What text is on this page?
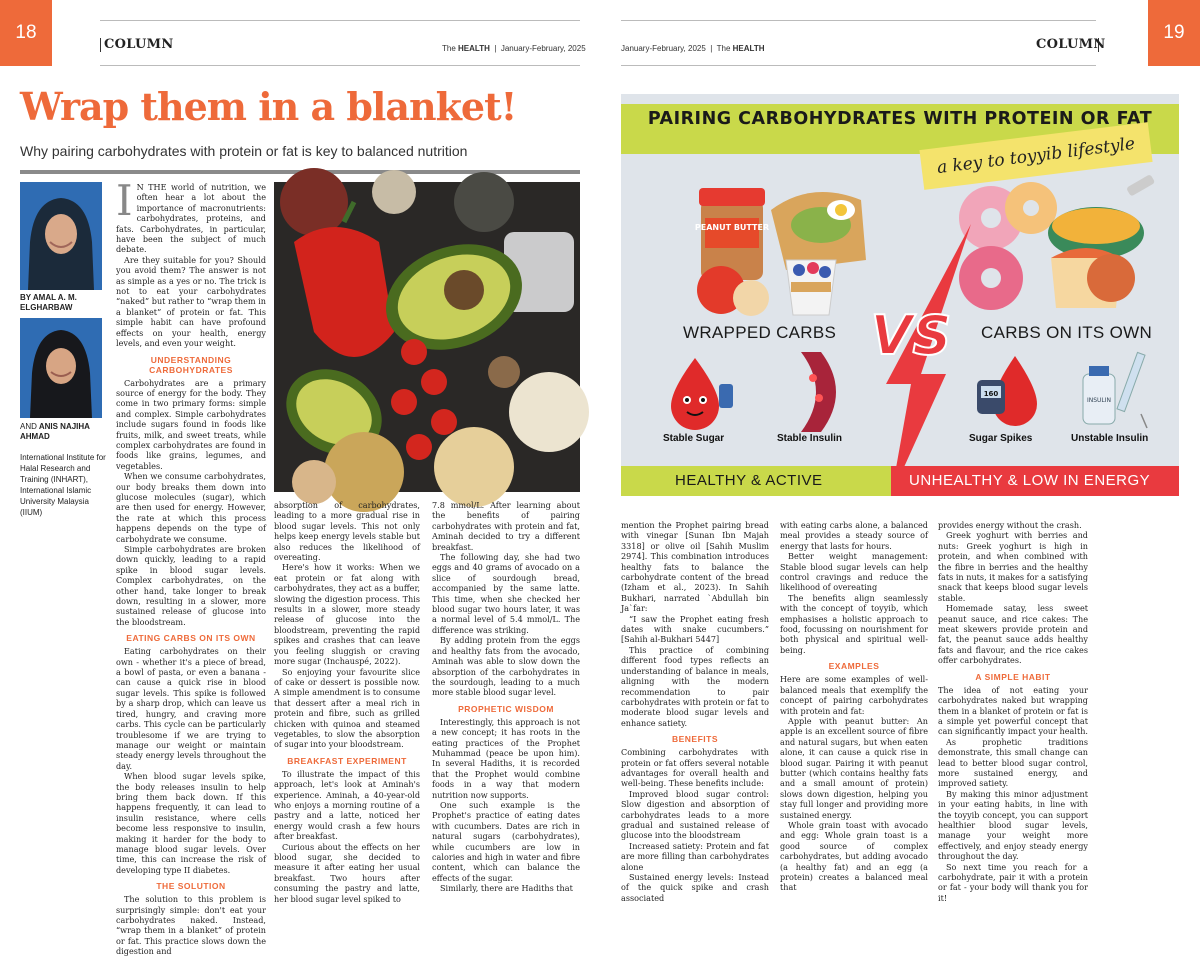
18	19
COLUMN	COLUMN
The HEALTH  |  January-February, 2025	January-February, 2025  |  The HEALTH
Wrap them in a blanket!
Why pairing carbohydrates with protein or fat is key to balanced nutrition
BY AMAL A. M. ELGHARBAW
AND ANIS NAJIHA AHMAD
International Institute for Halal Research and Training (INHART), International Islamic University Malaysia (IIUM)
I N THE world of nutrition, we often hear a lot about the importance of macronutrients: carbohydrates, proteins, and fats. Carbohydrates, in particular, have been the subject of much debate.

Are they suitable for you? Should you avoid them? The answer is not as simple as a yes or no. The trick is not to eat your carbohydrates “naked” but rather to “wrap them in a blanket” of protein or fat. This simple habit can have profound effects on your health, energy levels, and even your weight.

UNDERSTANDING CARBOHYDRATES

Carbohydrates are a primary source of energy for the body. They come in two primary forms: simple and complex. Simple carbohydrates include sugars found in foods like fruits, milk, and sweet treats, while complex carbohydrates are found in foods like grains, legumes, and vegetables.

When we consume carbohydrates, our body breaks them down into glucose molecules (sugar), which are then used for energy. However, the rate at which this process happens depends on the type of carbohydrate we consume.

Simple carbohydrates are broken down quickly, leading to a rapid spike in blood sugar levels. Complex carbohydrates, on the other hand, take longer to break down, resulting in a slower, more sustained release of glucose into the bloodstream.

EATING CARBS ON ITS OWN

Eating carbohydrates on their own - whether it's a piece of bread, a bowl of pasta, or even a banana - can cause a quick rise in blood sugar levels. This spike is followed by a sharp drop, which can leave us tired, hungry, and craving more carbs. This cycle can be particularly troublesome if we are trying to manage our weight or maintain steady energy levels throughout the day.

When blood sugar levels spike, the body releases insulin to help bring them back down. If this happens frequently, it can lead to insulin resistance, where cells become less responsive to insulin, making it harder for the body to manage blood sugar levels. Over time, this can increase the risk of developing type II diabetes.

THE SOLUTION

The solution to this problem is surprisingly simple: don't eat your carbohydrates naked. Instead, “wrap them in a blanket” of protein or fat. This practice slows down the digestion and

absorption of carbohydrates, leading to a more gradual rise in blood sugar levels. This not only helps keep energy levels stable but also reduces the likelihood of overeating.

Here's how it works: When we eat protein or fat along with carbohydrates, they act as a buffer, slowing the digestion process. This results in a slower, more steady release of glucose into the bloodstream, preventing the rapid spikes and crashes that can leave you feeling sluggish or craving more sugar (Inchauspé, 2022).

So enjoying your favourite slice of cake or dessert is possible now. A simple amendment is to consume that dessert after a meal rich in protein and fibre, such as grilled chicken with quinoa and steamed vegetables, to slow the absorption of sugar into your bloodstream.

BREAKFAST EXPERIMENT

To illustrate the impact of this approach, let's look at Aminah's experience. Aminah, a 40-year-old who enjoys a morning routine of a pastry and a latte, noticed her energy would crash a few hours after breakfast.

Curious about the effects on her blood sugar, she decided to measure it after eating her usual breakfast. Two hours after consuming the pastry and latte, her blood sugar level spiked to

7.8 mmol/L. After learning about the benefits of pairing carbohydrates with protein and fat, Aminah decided to try a different breakfast.

The following day, she had two eggs and 40 grams of avocado on a slice of sourdough bread, accompanied by the same latte. This time, when she checked her blood sugar two hours later, it was a normal level of 5.4 mmol/L. The difference was striking.

By adding protein from the eggs and healthy fats from the avocado, Aminah was able to slow down the absorption of the carbohydrates in the sourdough, leading to a much more stable blood sugar level.

PROPHETIC WISDOM

Interestingly, this approach is not a new concept; it has roots in the eating practices of the Prophet Muhammad (peace be upon him). In several Hadiths, it is recorded that the Prophet would combine foods in a way that modern nutrition now supports.

One such example is the Prophet's practice of eating dates with cucumbers. Dates are rich in natural sugars (carbohydrates), while cucumbers are low in calories and high in water and fibre content, which can balance the effects of the sugar.

Similarly, there are Hadiths that

PAIRING CARBOHYDRATES WITH PROTEIN OR FAT
a key to toyyib lifestyle
PEANUT BUTTER
VS
WRAPPED CARBS	CARBS ON ITS OWN
160
INSULIN
Stable Sugar	Stable Insulin	Sugar Spikes	Unstable Insulin
HEALTHY & ACTIVE	UNHEALTHY & LOW IN ENERGY

mention the Prophet pairing bread with vinegar [Sunan Ibn Majah 3318] or olive oil [Sahih Muslim 2974]. This combination introduces healthy fats to balance the carbohydrate content of the bread (Izham et al., 2023). In Sahih Bukhari, narrated `Abdullah bin Ja`far:

“I saw the Prophet eating fresh dates with snake cucumbers.” [Sahih al-Bukhari 5447]

This practice of combining different food types reflects an understanding of balance in meals, aligning with the modern recommendation to pair carbohydrates with protein or fat to moderate blood sugar levels and enhance satiety.

BENEFITS

Combining carbohydrates with protein or fat offers several notable advantages for overall health and well-being. These benefits include:

Improved blood sugar control: Slow digestion and absorption of carbohydrates leads to a more gradual and sustained release of glucose into the bloodstream

Increased satiety: Protein and fat are more filling than carbohydrates alone

Sustained energy levels: Instead of the quick spike and crash associated

with eating carbs alone, a balanced meal provides a steady source of energy that lasts for hours.

Better weight management: Stable blood sugar levels can help control cravings and reduce the likelihood of overeating

The benefits align seamlessly with the concept of toyyib, which emphasises a holistic approach to food, focussing on nourishment for both physical and spiritual well-being.

EXAMPLES

Here are some examples of well-balanced meals that exemplify the concept of pairing carbohydrates with protein and fat:

Apple with peanut butter: An apple is an excellent source of fibre and natural sugars, but when eaten alone, it can cause a quick rise in blood sugar. Pairing it with peanut butter (which contains healthy fats and a small amount of protein) slows down digestion, helping you stay full longer and providing more sustained energy.

Whole grain toast with avocado and egg: Whole grain toast is a good source of complex carbohydrates, but adding avocado (a healthy fat) and an egg (a protein) creates a balanced meal that

provides energy without the crash.

Greek yoghurt with berries and nuts: Greek yoghurt is high in protein, and when combined with the fibre in berries and the healthy fats in nuts, it makes for a satisfying snack that keeps blood sugar levels stable.

Homemade satay, less sweet peanut sauce, and rice cakes: The meat skewers provide protein and fat, the peanut sauce adds healthy fats and flavour, and the rice cakes offer carbohydrates.

A SIMPLE HABIT

The idea of not eating your carbohydrates naked but wrapping them in a blanket of protein or fat is a simple yet powerful concept that can significantly impact your health.

As prophetic traditions demonstrate, this small change can lead to better blood sugar control, more sustained energy, and improved satiety.

By making this minor adjustment in your eating habits, in line with the toyyib concept, you can support healthier blood sugar levels, manage your weight more effectively, and enjoy steady energy throughout the day.

So next time you reach for a carbohydrate, pair it with a protein or fat - your body will thank you for it!
